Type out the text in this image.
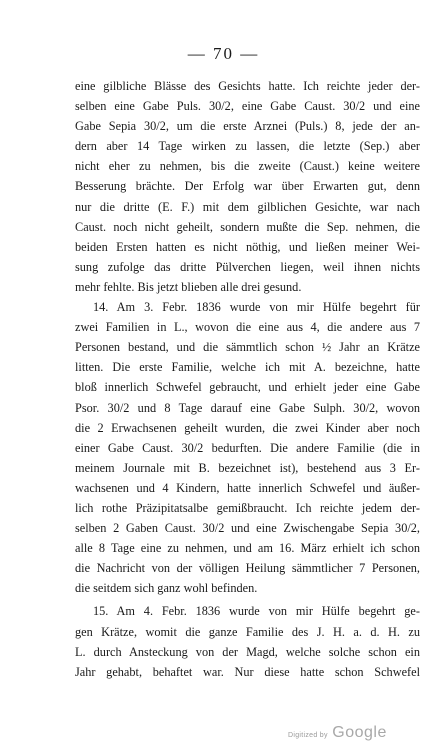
— 70 —
eine gilbliche Blässe des Gesichts hatte. Ich reichte jeder der-
selben eine Gabe Puls. 30/2, eine Gabe Caust. 30/2 und eine
Gabe Sepia 30/2, um die erste Arznei (Puls.) 8, jede der an-
dern aber 14 Tage wirken zu lassen, die letzte (Sep.) aber
nicht eher zu nehmen, bis die zweite (Caust.) keine weitere
Besserung brächte. Der Erfolg war über Erwarten gut, denn
nur die dritte (E. F.) mit dem gilblichen Gesichte, war nach
Caust. noch nicht geheilt, sondern mußte die Sep. nehmen, die
beiden Ersten hatten es nicht nöthig, und ließen meiner Wei-
sung zufolge das dritte Pülverchen liegen, weil ihnen nichts
mehr fehlte. Bis jetzt blieben alle drei gesund.
14. Am 3. Febr. 1836 wurde von mir Hülfe begehrt für
zwei Familien in L., wovon die eine aus 4, die andere aus 7
Personen bestand, und die sämmtlich schon ½ Jahr an Krätze
litten. Die erste Familie, welche ich mit A. bezeichne, hatte
bloß innerlich Schwefel gebraucht, und erhielt jeder eine Gabe
Psor. 30/2 und 8 Tage darauf eine Gabe Sulph. 30/2, wovon
die 2 Erwachsenen geheilt wurden, die zwei Kinder aber noch
einer Gabe Caust. 30/2 bedurften. Die andere Familie (die in
meinem Journale mit B. bezeichnet ist), bestehend aus 3 Er-
wachsenen und 4 Kindern, hatte innerlich Schwefel und äußer-
lich rothe Präzipitatsalbe gemißbraucht. Ich reichte jedem der-
selben 2 Gaben Caust. 30/2 und eine Zwischengabe Sepia 30/2,
alle 8 Tage eine zu nehmen, und am 16. März erhielt ich schon
die Nachricht von der völligen Heilung sämmtlicher 7 Personen,
die seitdem sich ganz wohl befinden.
15. Am 4. Febr. 1836 wurde von mir Hülfe begehrt ge-
gen Krätze, womit die ganze Familie des J. H. a. d. H. zu
L. durch Ansteckung von der Magd, welche solche schon ein
Jahr gehabt, behaftet war. Nur diese hatte schon Schwefel
Digitized by Google
